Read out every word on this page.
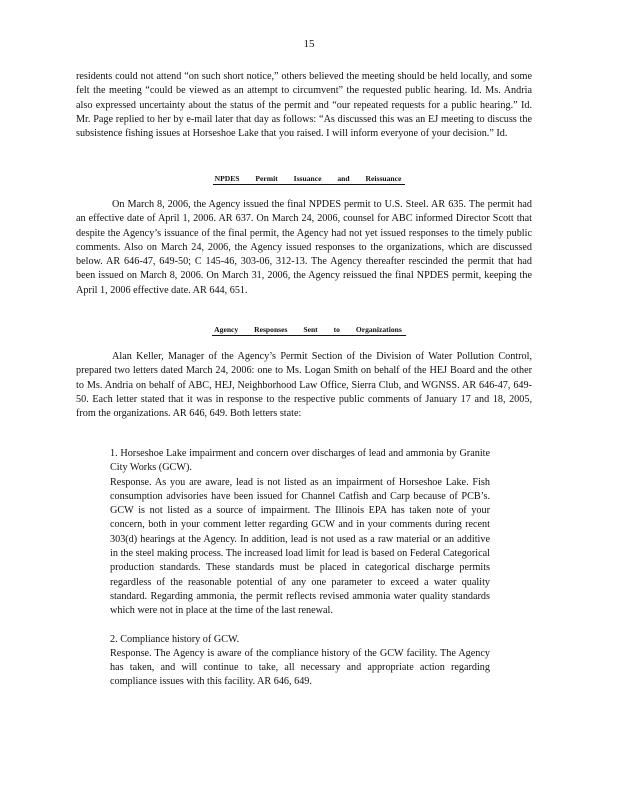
15

residents could not attend “on such short notice,” others believed the meeting should be held locally, and some felt the meeting “could be viewed as an attempt to circumvent” the requested public hearing. Id. Ms. Andria also expressed uncertainty about the status of the permit and “our repeated requests for a public hearing.” Id. Mr. Page replied to her by e-mail later that day as follows: “As discussed this was an EJ meeting to discuss the subsistence fishing issues at Horseshoe Lake that you raised. I will inform everyone of your decision.” Id.

NPDES Permit Issuance and Reissuance

On March 8, 2006, the Agency issued the final NPDES permit to U.S. Steel. AR 635. The permit had an effective date of April 1, 2006. AR 637. On March 24, 2006, counsel for ABC informed Director Scott that despite the Agency’s issuance of the final permit, the Agency had not yet issued responses to the timely public comments. Also on March 24, 2006, the Agency issued responses to the organizations, which are discussed below. AR 646-47, 649-50; C 145-46, 303-06, 312-13. The Agency thereafter rescinded the permit that had been issued on March 8, 2006. On March 31, 2006, the Agency reissued the final NPDES permit, keeping the April 1, 2006 effective date. AR 644, 651.

Agency Responses Sent to Organizations

Alan Keller, Manager of the Agency’s Permit Section of the Division of Water Pollution Control, prepared two letters dated March 24, 2006: one to Ms. Logan Smith on behalf of the HEJ Board and the other to Ms. Andria on behalf of ABC, HEJ, Neighborhood Law Office, Sierra Club, and WGNSS. AR 646-47, 649-50. Each letter stated that it was in response to the respective public comments of January 17 and 18, 2005, from the organizations. AR 646, 649. Both letters state:

1. Horseshoe Lake impairment and concern over discharges of lead and ammonia by Granite City Works (GCW).

Response. As you are aware, lead is not listed as an impairment of Horseshoe Lake. Fish consumption advisories have been issued for Channel Catfish and Carp because of PCB’s. GCW is not listed as a source of impairment. The Illinois EPA has taken note of your concern, both in your comment letter regarding GCW and in your comments during recent 303(d) hearings at the Agency. In addition, lead is not used as a raw material or an additive in the steel making process. The increased load limit for lead is based on Federal Categorical production standards. These standards must be placed in categorical discharge permits regardless of the reasonable potential of any one parameter to exceed a water quality standard. Regarding ammonia, the permit reflects revised ammonia water quality standards which were not in place at the time of the last renewal.

2. Compliance history of GCW.

Response. The Agency is aware of the compliance history of the GCW facility. The Agency has taken, and will continue to take, all necessary and appropriate action regarding compliance issues with this facility. AR 646, 649.
